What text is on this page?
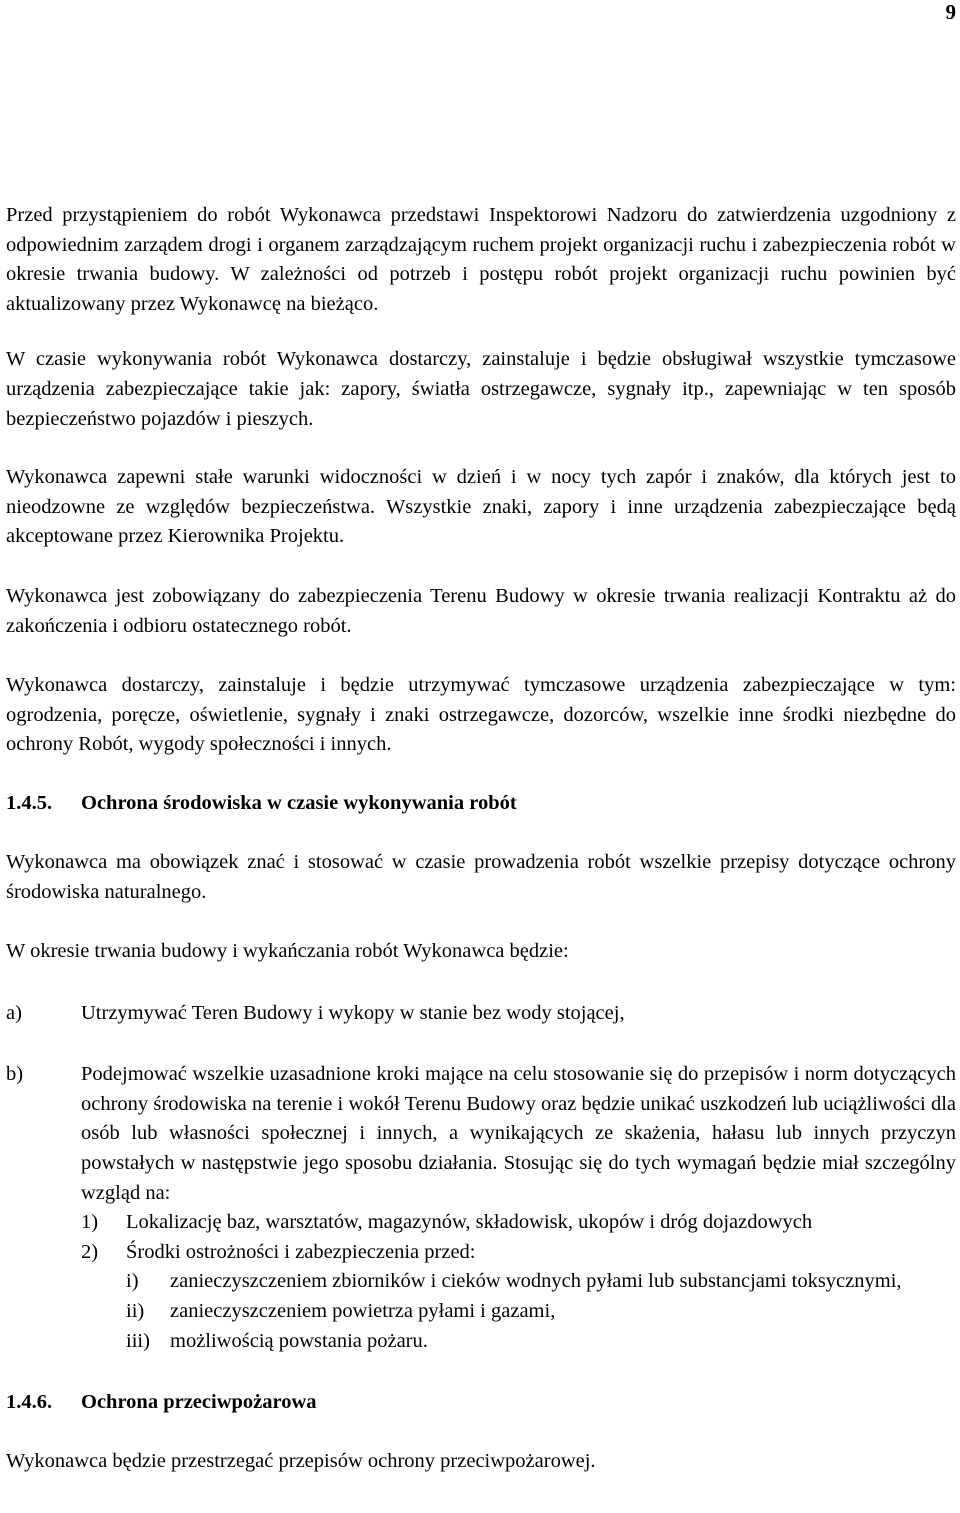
9

Przed przystąpieniem do robót Wykonawca przedstawi Inspektorowi Nadzoru do zatwierdzenia uzgodniony z odpowiednim zarządem drogi i organem zarządzającym ruchem projekt organizacji ruchu i zabezpieczenia robót w okresie trwania budowy. W zależności od potrzeb i postępu robót projekt organizacji ruchu powinien być aktualizowany przez Wykonawcę na bieżąco.

W czasie wykonywania robót Wykonawca dostarczy, zainstaluje i będzie obsługiwał wszystkie tymczasowe urządzenia zabezpieczające takie jak: zapory, światła ostrzegawcze, sygnały itp., zapewniając w ten sposób bezpieczeństwo pojazdów i pieszych.

Wykonawca zapewni stałe warunki widoczności w dzień i w nocy tych zapór i znaków, dla których jest to nieodzowne ze względów bezpieczeństwa. Wszystkie znaki, zapory i inne urządzenia zabezpieczające będą akceptowane przez Kierownika Projektu.

Wykonawca jest zobowiązany do zabezpieczenia Terenu Budowy w okresie trwania realizacji Kontraktu aż do zakończenia i odbioru ostatecznego robót.

Wykonawca dostarczy, zainstaluje i będzie utrzymywać tymczasowe urządzenia zabezpieczające w tym: ogrodzenia, poręcze, oświetlenie, sygnały i znaki ostrzegawcze, dozorców, wszelkie inne środki niezbędne do ochrony Robót, wygody społeczności i innych.

1.4.5. Ochrona środowiska w czasie wykonywania robót

Wykonawca ma obowiązek znać i stosować w czasie prowadzenia robót wszelkie przepisy dotyczące ochrony środowiska naturalnego.

W okresie trwania budowy i wykańczania robót Wykonawca będzie:

a)	Utrzymywać Teren Budowy i wykopy w stanie bez wody stojącej,
b)	Podejmować wszelkie uzasadnione kroki mające na celu stosowanie się do przepisów i norm dotyczących ochrony środowiska na terenie i wokół Terenu Budowy oraz będzie unikać uszkodzeń lub uciążliwości dla osób lub własności społecznej i innych, a wynikających ze skażenia, hałasu lub innych przyczyn powstałych w następstwie jego sposobu działania. Stosując się do tych wymagań będzie miał szczególny wzgląd na:
1) Lokalizację baz, warsztatów, magazynów, składowisk, ukopów i dróg dojazdowych
2) Środki ostrożności i zabezpieczenia przed:
i) zanieczyszczeniem zbiorników i cieków wodnych pyłami lub substancjami toksycznymi,
ii) zanieczyszczeniem powietrza pyłami i gazami,
iii) możliwością powstania pożaru.

1.4.6. Ochrona przeciwpożarowa

Wykonawca będzie przestrzegać przepisów ochrony przeciwpożarowej.
